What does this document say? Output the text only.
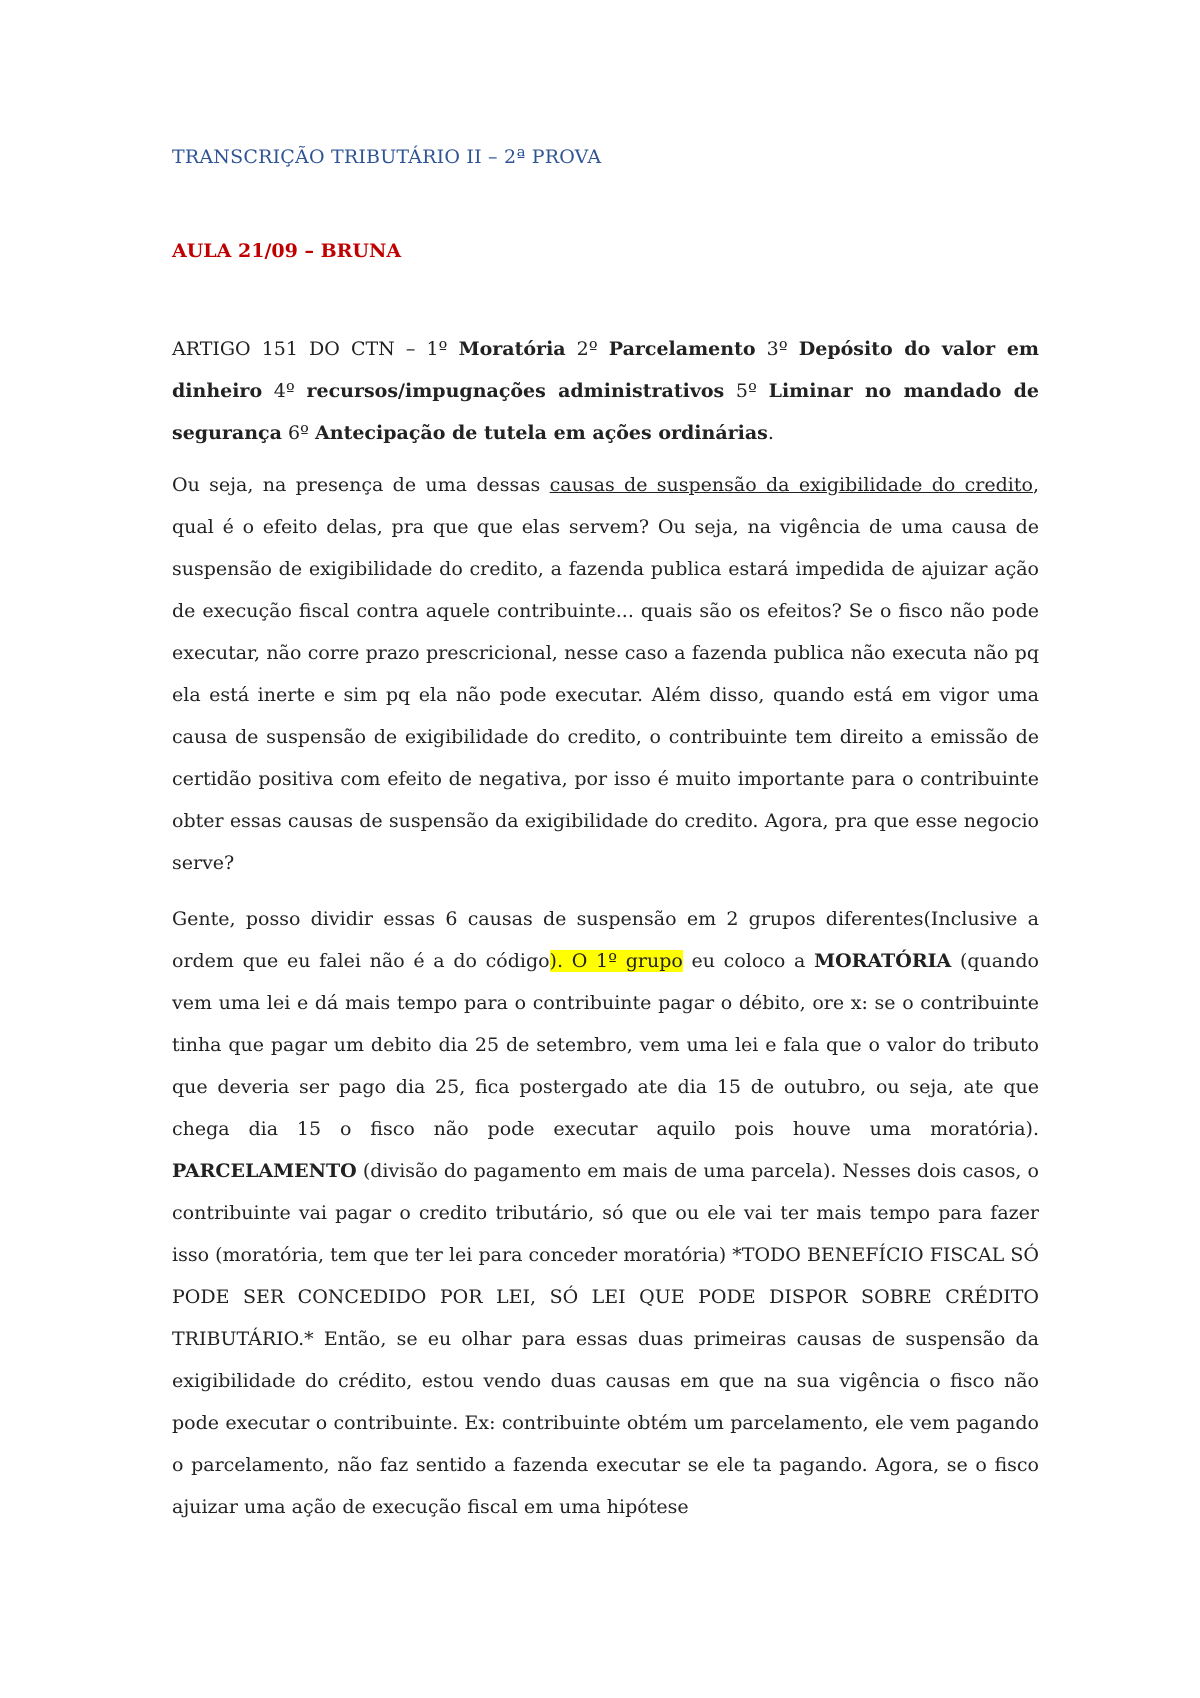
TRANSCRIÇÃO TRIBUTÁRIO II – 2ª PROVA
AULA 21/09 – BRUNA

ARTIGO 151 DO CTN – 1º Moratória 2º Parcelamento 3º Depósito do valor em dinheiro 4º recursos/impugnações administrativos 5º Liminar no mandado de segurança 6º Antecipação de tutela em ações ordinárias.

Ou seja, na presença de uma dessas causas de suspensão da exigibilidade do credito, qual é o efeito delas, pra que que elas servem? Ou seja, na vigência de uma causa de suspensão de exigibilidade do credito, a fazenda publica estará impedida de ajuizar ação de execução fiscal contra aquele contribuinte... quais são os efeitos? Se o fisco não pode executar, não corre prazo prescricional, nesse caso a fazenda publica não executa não pq ela está inerte e sim pq ela não pode executar. Além disso, quando está em vigor uma causa de suspensão de exigibilidade do credito, o contribuinte tem direito a emissão de certidão positiva com efeito de negativa, por isso é muito importante para o contribuinte obter essas causas de suspensão da exigibilidade do credito. Agora, pra que esse negocio serve?

Gente, posso dividir essas 6 causas de suspensão em 2 grupos diferentes(Inclusive a ordem que eu falei não é a do código). O 1º grupo eu coloco a MORATÓRIA (quando vem uma lei e dá mais tempo para o contribuinte pagar o débito, ore x: se o contribuinte tinha que pagar um debito dia 25 de setembro, vem uma lei e fala que o valor do tributo que deveria ser pago dia 25, fica postergado ate dia 15 de outubro, ou seja, ate que chega dia 15 o fisco não pode executar aquilo pois houve uma moratória). PARCELAMENTO (divisão do pagamento em mais de uma parcela). Nesses dois casos, o contribuinte vai pagar o credito tributário, só que ou ele vai ter mais tempo para fazer isso (moratória, tem que ter lei para conceder moratória) *TODO BENEFÍCIO FISCAL SÓ PODE SER CONCEDIDO POR LEI, SÓ LEI QUE PODE DISPOR SOBRE CRÉDITO TRIBUTÁRIO.* Então, se eu olhar para essas duas primeiras causas de suspensão da exigibilidade do crédito, estou vendo duas causas em que na sua vigência o fisco não pode executar o contribuinte. Ex: contribuinte obtém um parcelamento, ele vem pagando o parcelamento, não faz sentido a fazenda executar se ele ta pagando. Agora, se o fisco ajuizar uma ação de execução fiscal em uma hipótese
